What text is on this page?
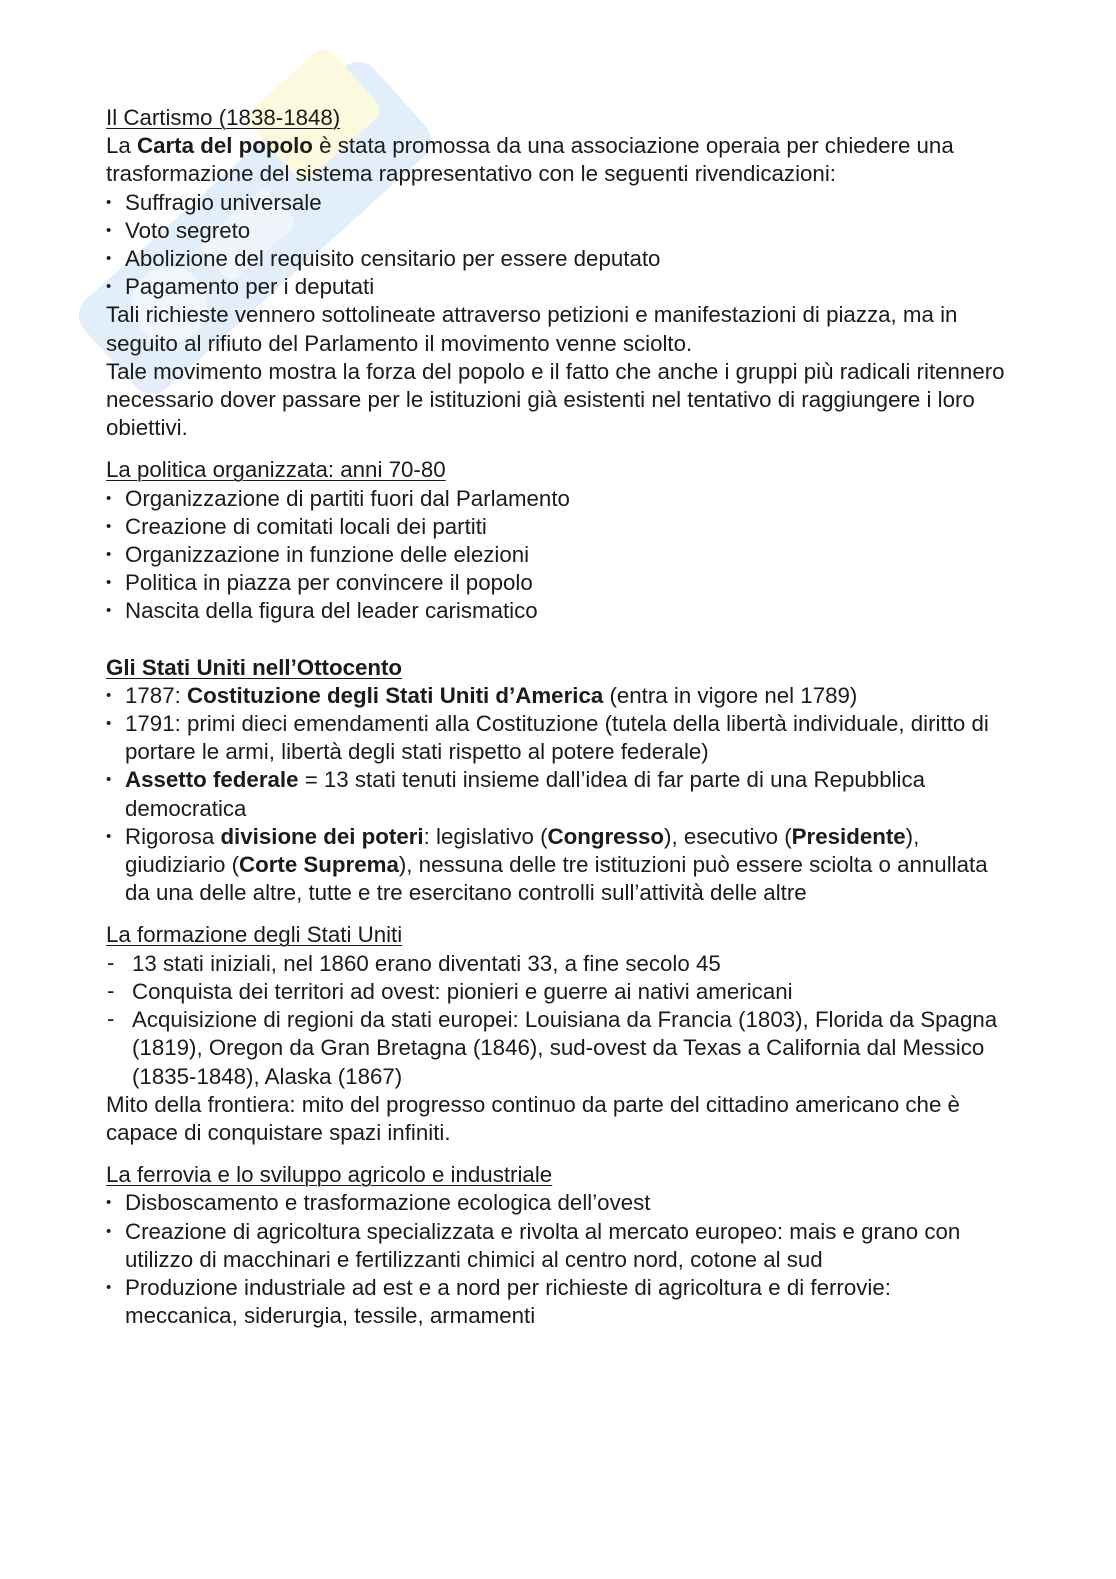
Il Cartismo (1838-1848)

La Carta del popolo è stata promossa da una associazione operaia per chiedere una trasformazione del sistema rappresentativo con le seguenti rivendicazioni:

• Suffragio universale
• Voto segreto
• Abolizione del requisito censitario per essere deputato
• Pagamento per i deputati

Tali richieste vennero sottolineate attraverso petizioni e manifestazioni di piazza, ma in seguito al rifiuto del Parlamento il movimento venne sciolto.

Tale movimento mostra la forza del popolo e il fatto che anche i gruppi più radicali ritennero necessario dover passare per le istituzioni già esistenti nel tentativo di raggiungere i loro obiettivi.

La politica organizzata: anni 70-80
• Organizzazione di partiti fuori dal Parlamento
• Creazione di comitati locali dei partiti
• Organizzazione in funzione delle elezioni
• Politica in piazza per convincere il popolo
• Nascita della figura del leader carismatico
Gli Stati Uniti nell’Ottocento
• 1787: Costituzione degli Stati Uniti d’America (entra in vigore nel 1789)
• 1791: primi dieci emendamenti alla Costituzione (tutela della libertà individuale, diritto di portare le armi, libertà degli stati rispetto al potere federale)
• Assetto federale = 13 stati tenuti insieme dall’idea di far parte di una Repubblica democratica
• Rigorosa divisione dei poteri: legislativo (Congresso), esecutivo (Presidente), giudiziario (Corte Suprema), nessuna delle tre istituzioni può essere sciolta o annullata da una delle altre, tutte e tre esercitano controlli sull’attività delle altre
La formazione degli Stati Uniti
- 13 stati iniziali, nel 1860 erano diventati 33, a fine secolo 45
- Conquista dei territori ad ovest: pionieri e guerre ai nativi americani
- Acquisizione di regioni da stati europei: Louisiana da Francia (1803), Florida da Spagna (1819), Oregon da Gran Bretagna (1846), sud-ovest da Texas a California dal Messico (1835-1848), Alaska (1867)

Mito della frontiera: mito del progresso continuo da parte del cittadino americano che è capace di conquistare spazi infiniti.

La ferrovia e lo sviluppo agricolo e industriale
• Disboscamento e trasformazione ecologica dell’ovest
• Creazione di agricoltura specializzata e rivolta al mercato europeo: mais e grano con utilizzo di macchinari e fertilizzanti chimici al centro nord, cotone al sud
• Produzione industriale ad est e a nord per richieste di agricoltura e di ferrovie: meccanica, siderurgia, tessile, armamenti
